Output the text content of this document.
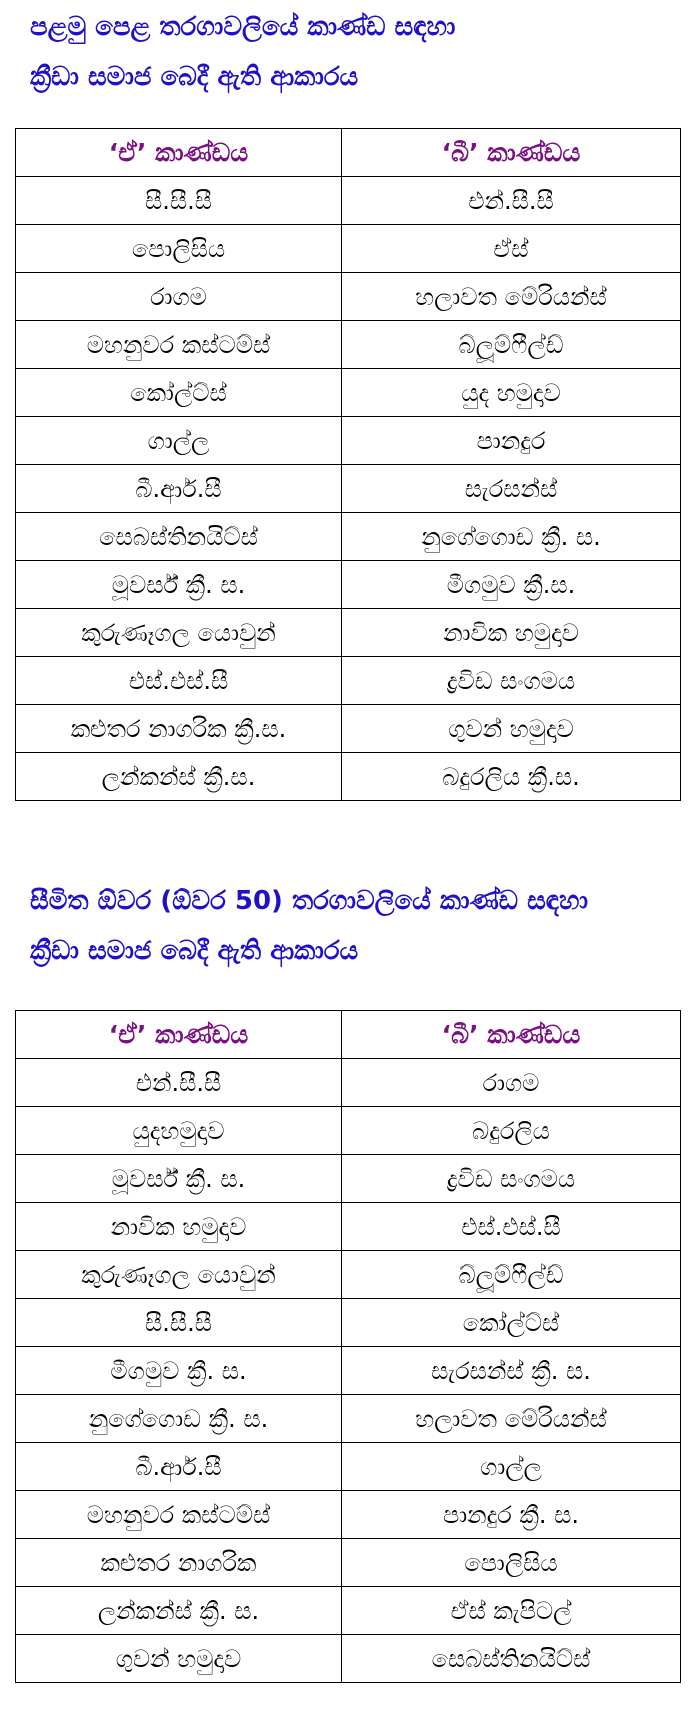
පළමු පෙළ තරගාවලියේ කාණ්ඩ සඳහා
ක්‍රීඩා සමාජ බෙදී ඇති ආකාරය
‘ඒ’ කාණ්ඩය	‘බී’ කාණ්ඩය
සී.සී.සී	එන්.සී.සී
පොලිසිය	ඒස්
රාගම	හලාවත මේරියන්ස්
මහනුවර කස්ටම්ස්	බ්ලූම්ෆීල්ඩ්
කෝල්ට්ස්	යුද හමුදාව
ගාල්ල	පානදුර
බී.ආර්.සී	සැරසන්ස්
සෙබස්තිනයිට්ස්	නුගේගොඩ ක්‍රී. ස.
මූවර්ස් ක්‍රී. ස.	මීගමුව ක්‍රී.ස.
කුරුණෑගල යොවුන්	නාවික හමුදාව
එස්.එස්.සී	ද්‍රවිඩ සංගමය
කළුතර නාගරික ක්‍රී.ස.	ගුවන් හමුදාව
ලන්කන්ස් ක්‍රී.ස.	බදුරලිය ක්‍රී.ස.
සීමිත ඕවර (ඕවර 50) තරගාවලියේ කාණ්ඩ සඳහා
ක්‍රීඩා සමාජ බෙදී ඇති ආකාරය
‘ඒ’ කාණ්ඩය	‘බී’ කාණ්ඩය
එන්.සී.සී	රාගම
යුදහමුදාව	බදුරලිය
මූවර්ස් ක්‍රී. ස.	ද්‍රවිඩ සංගමය
නාවික හමුදාව	එස්.එස්.සී
කුරුණෑගල යොවුන්	බ්ලූම්ෆීල්ඩ්
සී.සී.සී	කෝල්ට්ස්
මීගමුව ක්‍රී. ස.	සැරසන්ස් ක්‍රී. ස.
නුගේගොඩ ක්‍රී. ස.	හලාවත මේරියන්ස්
බී.ආර්.සී	ගාල්ල
මහනුවර කස්ටම්ස්	පානදුර ක්‍රී. ස.
කළුතර නාගරික	පොලිසිය
ලන්කන්ස් ක්‍රී. ස.	ඒස් කැපිටල්
ගුවන් හමුදාව	සෙබස්තිනයිට්ස්
